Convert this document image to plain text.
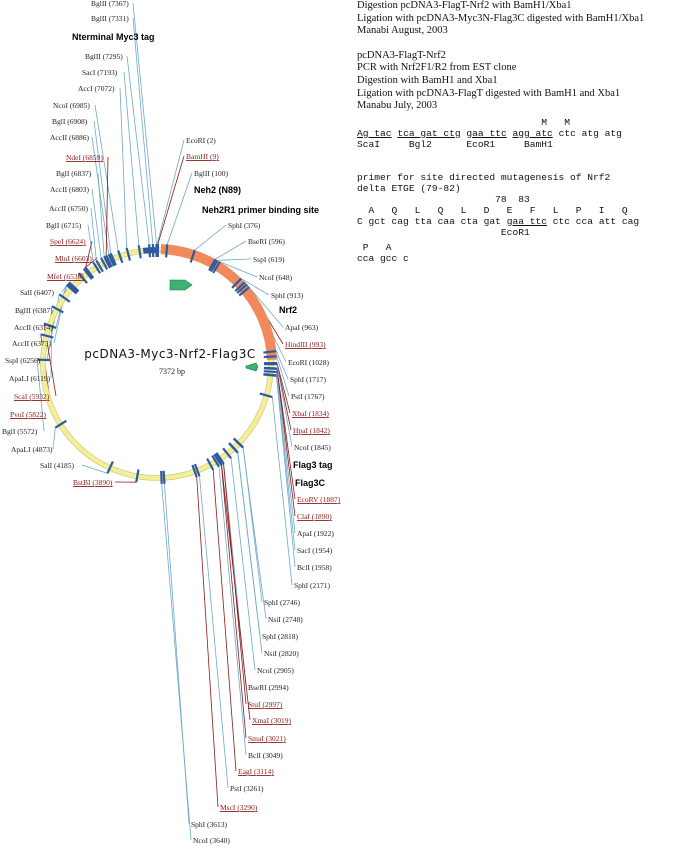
BglII (7367)
BglII (7331)
BglII (7295)
SacI (7193)
AccI (7072)
NcoI (6985)
BglI (6908)
AccII (6886)
NdeI (6859)
BglI (6837)
AccII (6803)
AccII (6750)
BglI (6715)
SpeI (6624)
MluI (6603)
MfeI (6536)
SalI (6407)
BglII (6387)
AccII (6374)
AccII (6373)
SspI (6256)
ApaLI (6119)
ScaI (5932)
PvuI (5822)
BglI (5572)
ApaLI (4873)
SalI (4185)
BstBI (3890)
EcoRI (2)
BamHI (9)
BglII (100)
SphI (376)
BseRI (596)
SspI (619)
NcoI (648)
SphI (913)
ApaI (963)
HindIII (993)
EcoRI (1028)
SphI (1717)
PstI (1767)
XbaI (1834)
HpaI (1842)
NcoI (1845)
EcoRV (1887)
ClaI (1890)
ApaI (1922)
SacI (1954)
BclI (1958)
SphI (2171)
SphI (2746)
NsiI (2748)
SphI (2818)
NsiI (2820)
NcoI (2905)
BseRI (2994)
StuI (2997)
XmaI (3019)
SmaI (3021)
BclI (3049)
EagI (3114)
PstI (3261)
MscI (3290)
SphI (3613)
NcoI (3640)
pcDNA3-Myc3-Nrf2-Flag3C
7372 bp
Nterminal Myc3 tag
Neh2 (N89)
Neh2R1 primer binding site
Nrf2
Flag3 tag
Flag3C

Digestion pcDNA3-FlagT-Nrf2 with BamH1/Xba1

Ligation with pcDNA3-Myc3N-Flag3C digested with BamH1/Xba1

Manabi August, 2003

pcDNA3-FlagT-Nrf2

PCR with Nrf2F1/R2 from EST clone

Digestion with BamH1 and Xba1

Ligation with pcDNA3-FlagT digested with BamH1 and Xba1

Manabu July, 2003

M   M
Ag tac tca gat ctg gaa ttc agg atc ctc atg atg
ScaI     Bgl2      EcoR1     BamH1
primer for site directed mutagenesis of Nrf2
delta ETGE (79-82)
78  83
A   Q   L   Q   L   D   E   F   L   P   I   Q
C gct cag tta caa cta gat gaa ttc ctc cca att cag
EcoR1
P   A
cca gcc c
